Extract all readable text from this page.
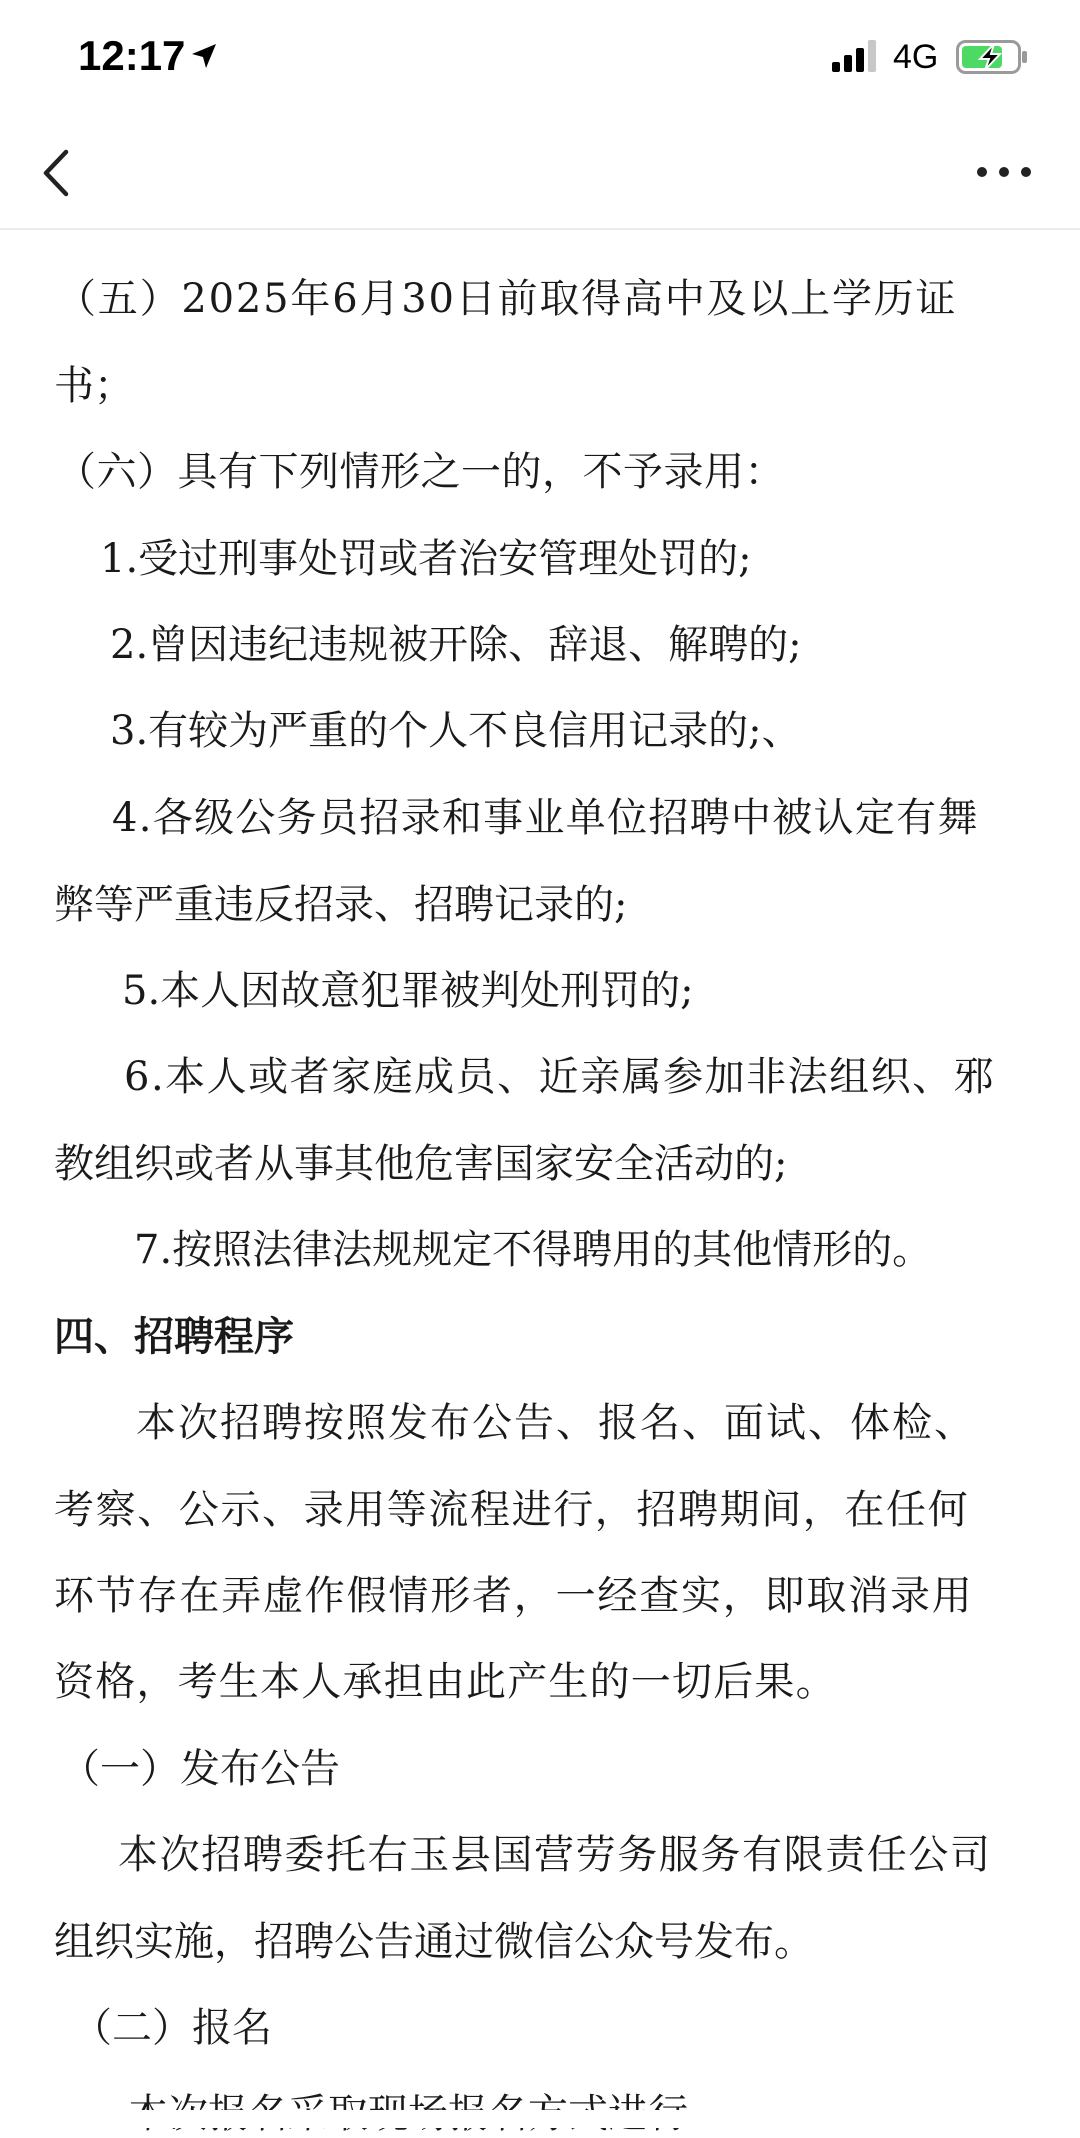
12:17	4G
（五）2025年6月30日前取得高中及以上学历证
书；
（六）具有下列情形之一的，不予录用：
1.受过刑事处罚或者治安管理处罚的;
2.曾因违纪违规被开除、辞退、解聘的;
3.有较为严重的个人不良信用记录的;、
4.各级公务员招录和事业单位招聘中被认定有舞
弊等严重违反招录、招聘记录的;
5.本人因故意犯罪被判处刑罚的;
6.本人或者家庭成员、近亲属参加非法组织、邪
教组织或者从事其他危害国家安全活动的;
7.按照法律法规规定不得聘用的其他情形的。
四、招聘程序
本次招聘按照发布公告、报名、面试、体检、
考察、公示、录用等流程进行，招聘期间，在任何
环节存在弄虚作假情形者，一经查实，即取消录用
资格，考生本人承担由此产生的一切后果。
（一）发布公告
本次招聘委托右玉县国营劳务服务有限责任公司
组织实施，招聘公告通过微信公众号发布。
（二）报名
